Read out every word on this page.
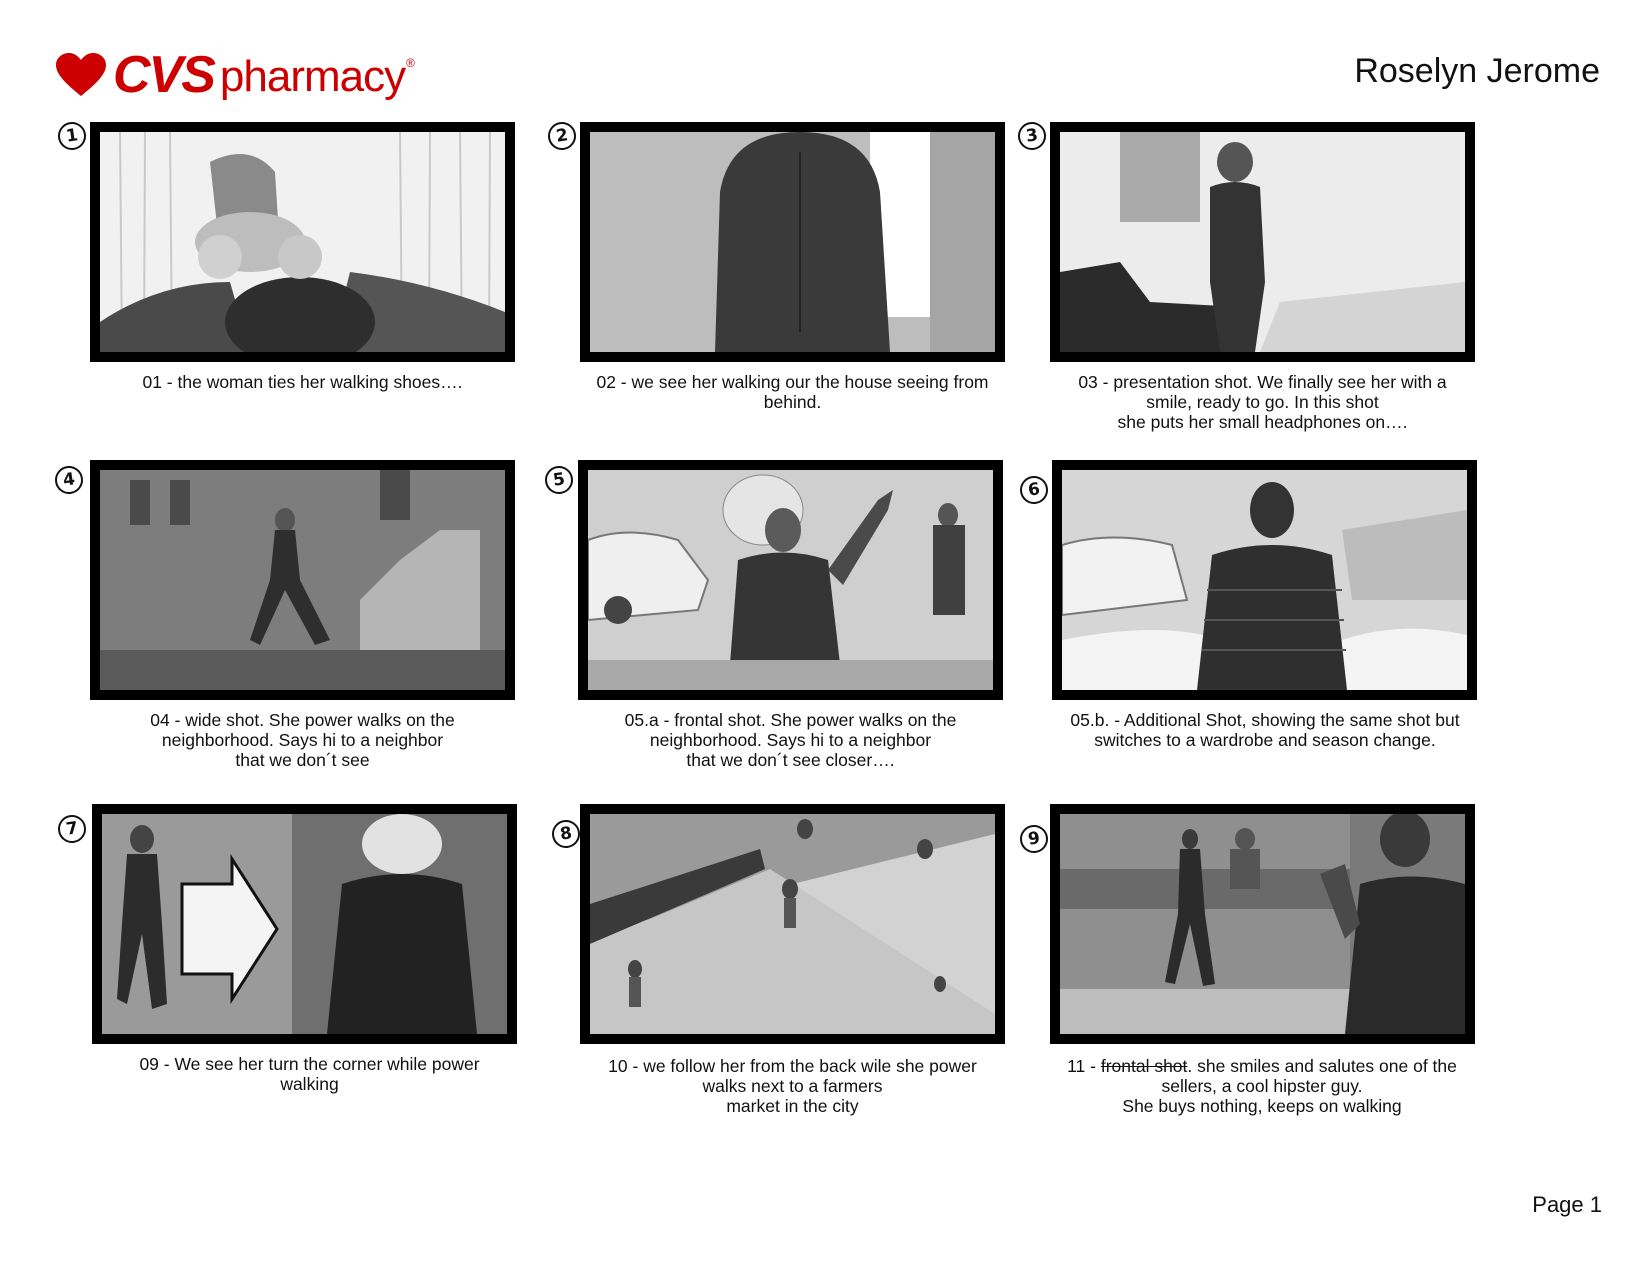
CVS pharmacy ®	Roselyn Jerome
1
01 - the woman ties her walking shoes….
2
02 - we see her walking our the house seeing from
behind.
3
03 - presentation shot. We finally see her with a
smile, ready to go. In this shot
she puts her small headphones on….
4
04 - wide shot. She power walks on the
neighborhood. Says hi to a neighbor
that we don´t see
5
05.a - frontal shot. She power walks on the
neighborhood. Says hi to a neighbor
that we don´t see closer….
6
05.b. - Additional Shot, showing the same shot but
switches to a wardrobe and season change.
7
09 - We see her turn the corner while power
walking
8
10 - we follow her from the back wile she power
walks next to a farmers
market in the city
9
11 - frontal shot. she smiles and salutes one of the
sellers, a cool hipster guy.
She buys nothing, keeps on walking
Page 1
